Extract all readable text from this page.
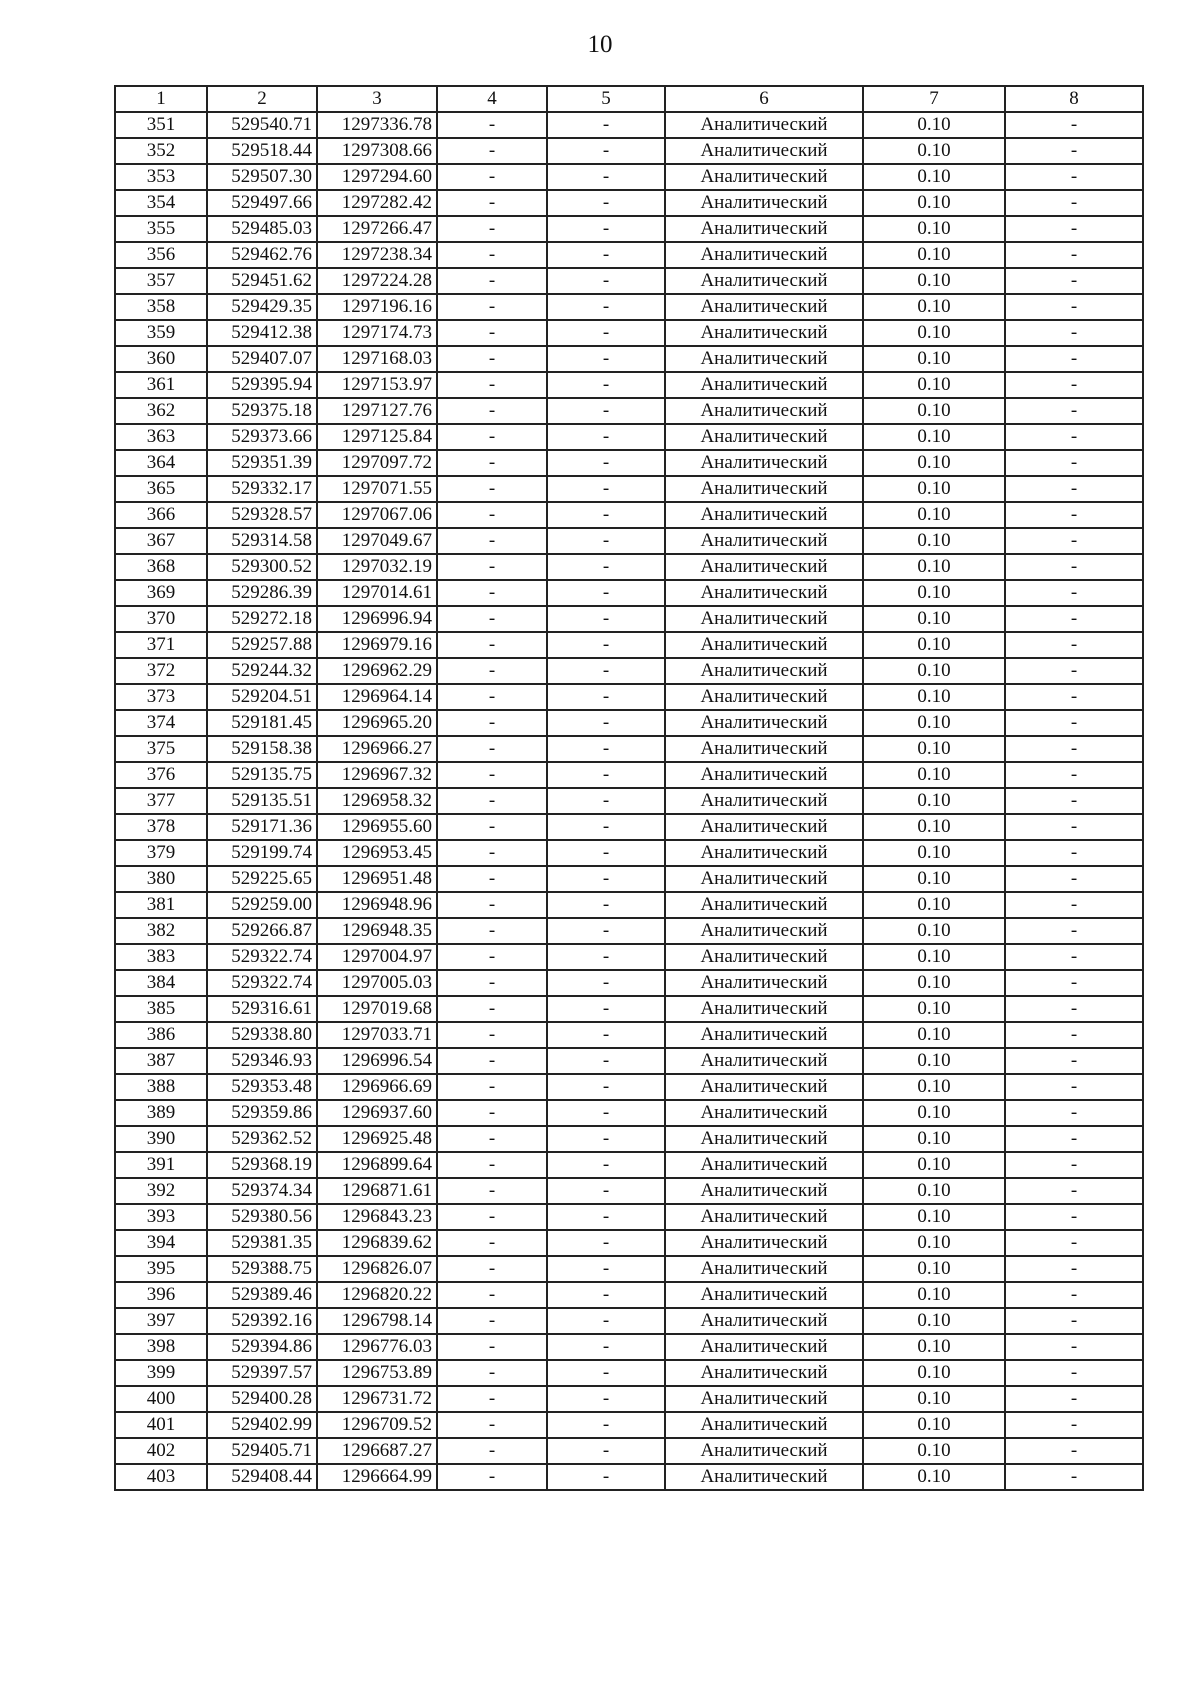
10
1	2	3	4	5	6	7	8
351	529540.71	1297336.78	-	-	Аналитический	0.10	-
352	529518.44	1297308.66	-	-	Аналитический	0.10	-
353	529507.30	1297294.60	-	-	Аналитический	0.10	-
354	529497.66	1297282.42	-	-	Аналитический	0.10	-
355	529485.03	1297266.47	-	-	Аналитический	0.10	-
356	529462.76	1297238.34	-	-	Аналитический	0.10	-
357	529451.62	1297224.28	-	-	Аналитический	0.10	-
358	529429.35	1297196.16	-	-	Аналитический	0.10	-
359	529412.38	1297174.73	-	-	Аналитический	0.10	-
360	529407.07	1297168.03	-	-	Аналитический	0.10	-
361	529395.94	1297153.97	-	-	Аналитический	0.10	-
362	529375.18	1297127.76	-	-	Аналитический	0.10	-
363	529373.66	1297125.84	-	-	Аналитический	0.10	-
364	529351.39	1297097.72	-	-	Аналитический	0.10	-
365	529332.17	1297071.55	-	-	Аналитический	0.10	-
366	529328.57	1297067.06	-	-	Аналитический	0.10	-
367	529314.58	1297049.67	-	-	Аналитический	0.10	-
368	529300.52	1297032.19	-	-	Аналитический	0.10	-
369	529286.39	1297014.61	-	-	Аналитический	0.10	-
370	529272.18	1296996.94	-	-	Аналитический	0.10	-
371	529257.88	1296979.16	-	-	Аналитический	0.10	-
372	529244.32	1296962.29	-	-	Аналитический	0.10	-
373	529204.51	1296964.14	-	-	Аналитический	0.10	-
374	529181.45	1296965.20	-	-	Аналитический	0.10	-
375	529158.38	1296966.27	-	-	Аналитический	0.10	-
376	529135.75	1296967.32	-	-	Аналитический	0.10	-
377	529135.51	1296958.32	-	-	Аналитический	0.10	-
378	529171.36	1296955.60	-	-	Аналитический	0.10	-
379	529199.74	1296953.45	-	-	Аналитический	0.10	-
380	529225.65	1296951.48	-	-	Аналитический	0.10	-
381	529259.00	1296948.96	-	-	Аналитический	0.10	-
382	529266.87	1296948.35	-	-	Аналитический	0.10	-
383	529322.74	1297004.97	-	-	Аналитический	0.10	-
384	529322.74	1297005.03	-	-	Аналитический	0.10	-
385	529316.61	1297019.68	-	-	Аналитический	0.10	-
386	529338.80	1297033.71	-	-	Аналитический	0.10	-
387	529346.93	1296996.54	-	-	Аналитический	0.10	-
388	529353.48	1296966.69	-	-	Аналитический	0.10	-
389	529359.86	1296937.60	-	-	Аналитический	0.10	-
390	529362.52	1296925.48	-	-	Аналитический	0.10	-
391	529368.19	1296899.64	-	-	Аналитический	0.10	-
392	529374.34	1296871.61	-	-	Аналитический	0.10	-
393	529380.56	1296843.23	-	-	Аналитический	0.10	-
394	529381.35	1296839.62	-	-	Аналитический	0.10	-
395	529388.75	1296826.07	-	-	Аналитический	0.10	-
396	529389.46	1296820.22	-	-	Аналитический	0.10	-
397	529392.16	1296798.14	-	-	Аналитический	0.10	-
398	529394.86	1296776.03	-	-	Аналитический	0.10	-
399	529397.57	1296753.89	-	-	Аналитический	0.10	-
400	529400.28	1296731.72	-	-	Аналитический	0.10	-
401	529402.99	1296709.52	-	-	Аналитический	0.10	-
402	529405.71	1296687.27	-	-	Аналитический	0.10	-
403	529408.44	1296664.99	-	-	Аналитический	0.10	-
